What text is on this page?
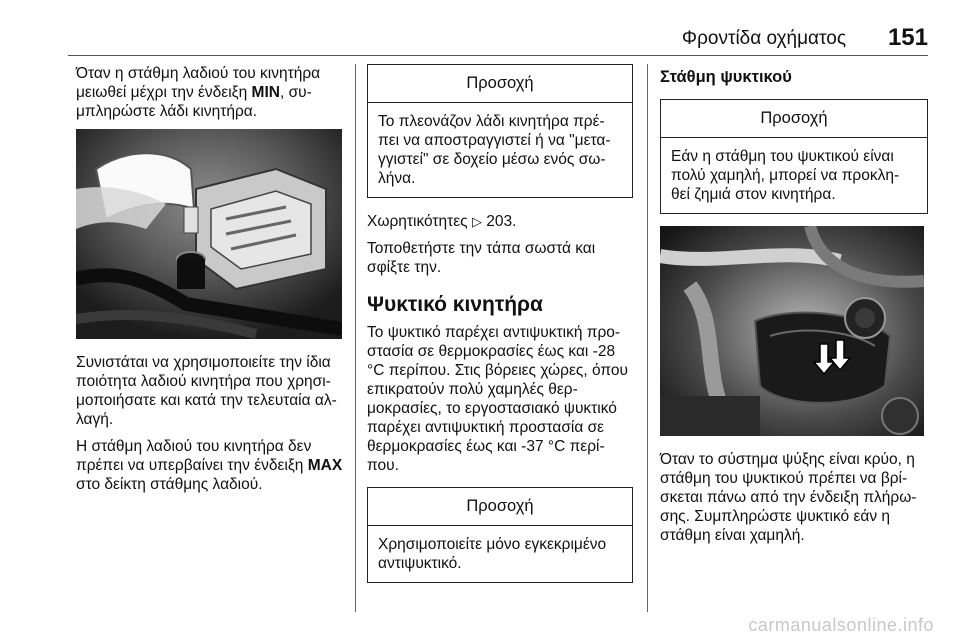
Φροντίδα οχήματος 151

Όταν η στάθμη λαδιού του κινητήρα μειωθεί μέχρι την ένδειξη MIN, συ- μπληρώστε λάδι κινητήρα.

Συνιστάται να χρησιμοποιείτε την ίδια ποιότητα λαδιού κινητήρα που χρησι- μοποιήσατε και κατά την τελευταία αλ- λαγή.

Η στάθμη λαδιού του κινητήρα δεν πρέπει να υπερβαίνει την ένδειξη MAX στο δείκτη στάθμης λαδιού.

Προσοχή
Το πλεονάζον λάδι κινητήρα πρέ- πει να αποστραγγιστεί ή να "μετα- γγιστεί" σε δοχείο μέσω ενός σω- λήνα.

Χωρητικότητες ▷ 203.

Τοποθετήστε την τάπα σωστά και σφίξτε την.

Ψυκτικό κινητήρα

Το ψυκτικό παρέχει αντιψυκτική προ- στασία σε θερμοκρασίες έως και -28 °C περίπου. Στις βόρειες χώρες, όπου επικρατούν πολύ χαμηλές θερ- μοκρασίες, το εργοστασιακό ψυκτικό παρέχει αντιψυκτική προστασία σε θερμοκρασίες έως και -37 °C περί- που.

Προσοχή
Χρησιμοποιείτε μόνο εγκεκριμένο αντιψυκτικό.
Στάθμη ψυκτικού
Προσοχή
Εάν η στάθμη του ψυκτικού είναι πολύ χαμηλή, μπορεί να προκλη- θεί ζημιά στον κινητήρα.

Όταν το σύστημα ψύξης είναι κρύο, η στάθμη του ψυκτικού πρέπει να βρί- σκεται πάνω από την ένδειξη πλήρω- σης. Συμπληρώστε ψυκτικό εάν η στάθμη είναι χαμηλή.

carmanualsonline.info
